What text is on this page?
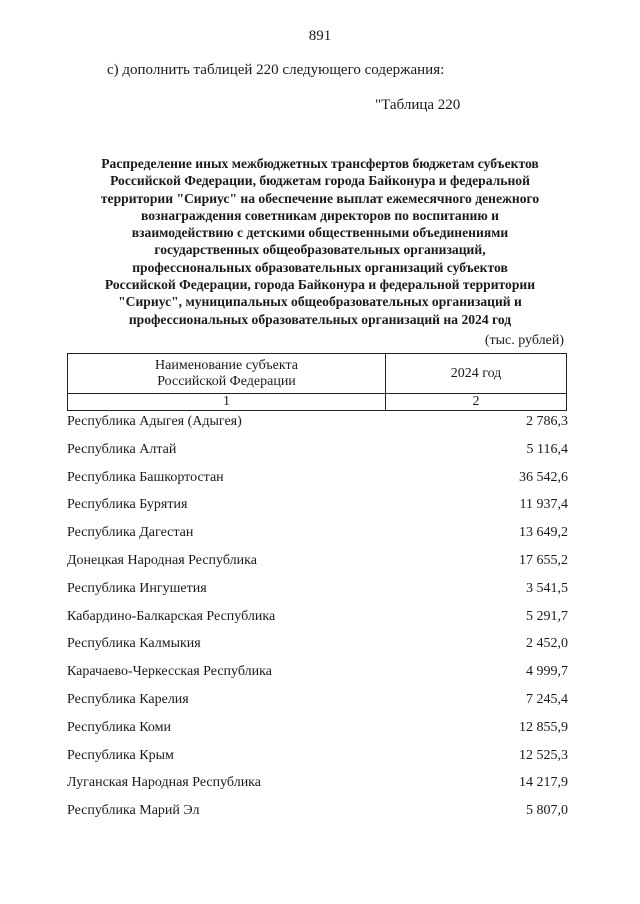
891
с) дополнить таблицей 220 следующего содержания:
"Таблица 220
Распределение иных межбюджетных трансфертов бюджетам субъектов
Российской Федерации, бюджетам города Байконура и федеральной
территории "Сириус" на обеспечение выплат ежемесячного денежного
вознаграждения советникам директоров по воспитанию и
взаимодействию с детскими общественными объединениями
государственных общеобразовательных организаций,
профессиональных образовательных организаций субъектов
Российской Федерации, города Байконура и федеральной территории
"Сириус", муниципальных общеобразовательных организаций и
профессиональных образовательных организаций на 2024 год
(тыс. рублей)
Наименование субъекта
Российской Федерации	2024 год
1	2
Республика Адыгея (Адыгея)	2 786,3
Республика Алтай	5 116,4
Республика Башкортостан	36 542,6
Республика Бурятия	11 937,4
Республика Дагестан	13 649,2
Донецкая Народная Республика	17 655,2
Республика Ингушетия	3 541,5
Кабардино-Балкарская Республика	5 291,7
Республика Калмыкия	2 452,0
Карачаево-Черкесская Республика	4 999,7
Республика Карелия	7 245,4
Республика Коми	12 855,9
Республика Крым	12 525,3
Луганская Народная Республика	14 217,9
Республика Марий Эл	5 807,0
